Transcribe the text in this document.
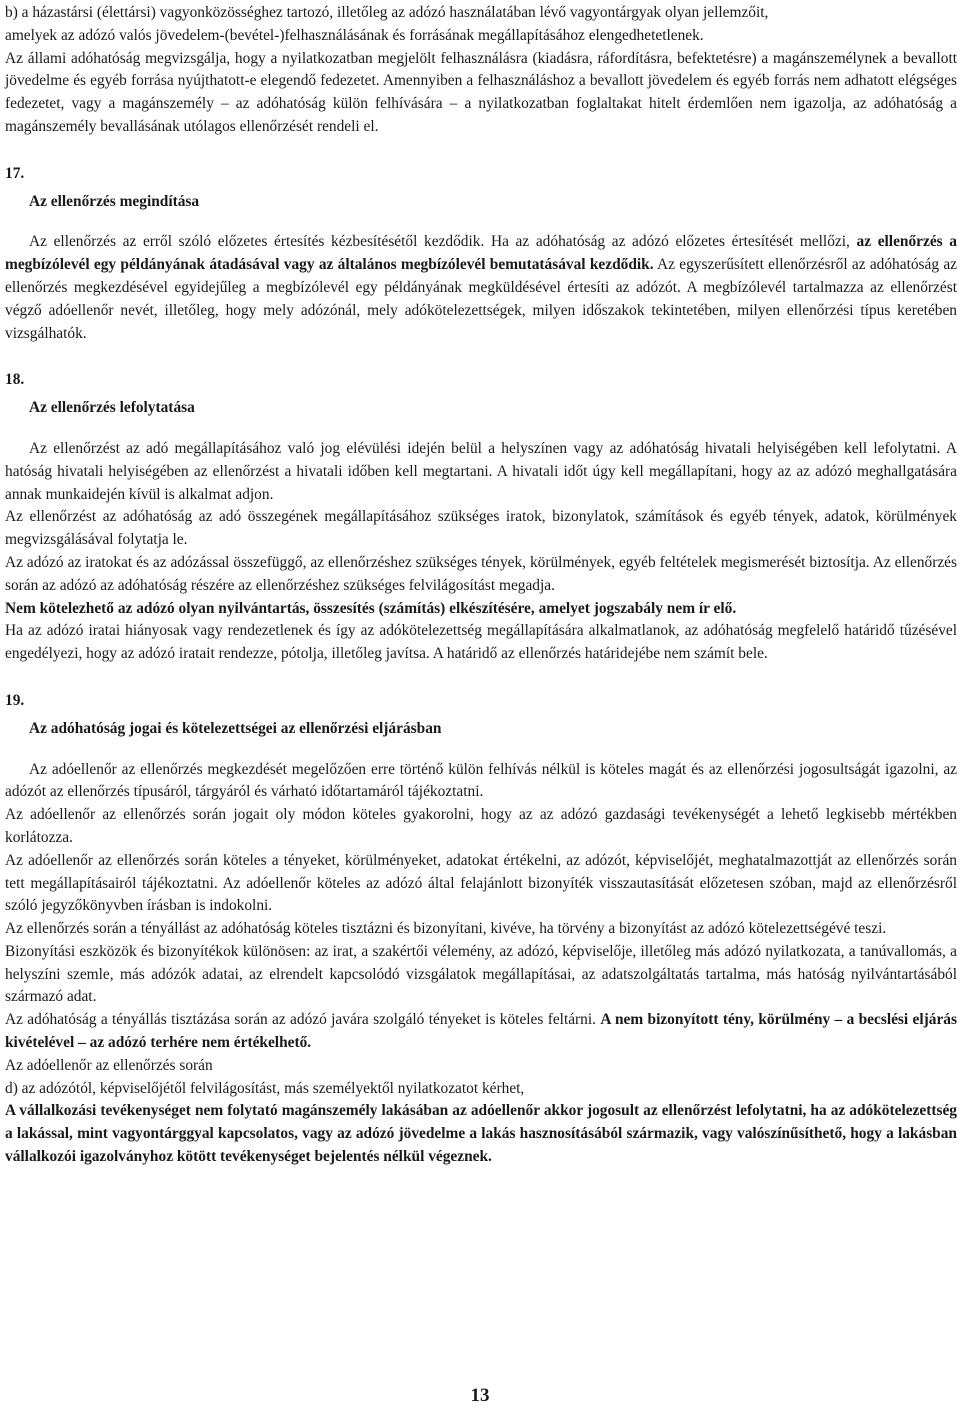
b) a házastársi (élettársi) vagyonközösséghez tartozó, illetőleg az adózó használatában lévő vagyontárgyak olyan jellemzőit,

amelyek az adózó valós jövedelem-(bevétel-)felhasználásának és forrásának megállapításához elengedhetetlenek.

Az állami adóhatóság megvizsgálja, hogy a nyilatkozatban megjelölt felhasználásra (kiadásra, ráfordításra, befektetésre) a magánszemélynek a bevallott jövedelme és egyéb forrása nyújthatott-e elegendő fedezetet. Amennyiben a felhasználáshoz a bevallott jövedelem és egyéb forrás nem adhatott elégséges fedezetet, vagy a magánszemély – az adóhatóság külön felhívására – a nyilatkozatban foglaltakat hitelt érdemlően nem igazolja, az adóhatóság a magánszemély bevallásának utólagos ellenőrzését rendeli el.

17.

Az ellenőrzés megindítása

Az ellenőrzés az erről szóló előzetes értesítés kézbesítésétől kezdődik. Ha az adóhatóság az adózó előzetes értesítését mellőzi, az ellenőrzés a megbízólevél egy példányának átadásával vagy az általános megbízólevél bemutatásával kezdődik. Az egyszerűsített ellenőrzésről az adóhatóság az ellenőrzés megkezdésével egyidejűleg a megbízólevél egy példányának megküldésével értesíti az adózót. A megbízólevél tartalmazza az ellenőrzést végző adóellenőr nevét, illetőleg, hogy mely adózónál, mely adókötelezettségek, milyen időszakok tekintetében, milyen ellenőrzési típus keretében vizsgálhatók.

18.

Az ellenőrzés lefolytatása

Az ellenőrzést az adó megállapításához való jog elévülési idején belül a helyszínen vagy az adóhatóság hivatali helyiségében kell lefolytatni. A hatóság hivatali helyiségében az ellenőrzést a hivatali időben kell megtartani. A hivatali időt úgy kell megállapítani, hogy az az adózó meghallgatására annak munkaidején kívül is alkalmat adjon.

Az ellenőrzést az adóhatóság az adó összegének megállapításához szükséges iratok, bizonylatok, számítások és egyéb tények, adatok, körülmények megvizsgálásával folytatja le.

Az adózó az iratokat és az adózással összefüggő, az ellenőrzéshez szükséges tények, körülmények, egyéb feltételek megismerését biztosítja. Az ellenőrzés során az adózó az adóhatóság részére az ellenőrzéshez szükséges felvilágosítást megadja.

Nem kötelezhető az adózó olyan nyilvántartás, összesítés (számítás) elkészítésére, amelyet jogszabály nem ír elő.

Ha az adózó iratai hiányosak vagy rendezetlenek és így az adókötelezettség megállapítására alkalmatlanok, az adóhatóság megfelelő határidő tűzésével engedélyezi, hogy az adózó iratait rendezze, pótolja, illetőleg javítsa. A határidő az ellenőrzés határidejébe nem számít bele.

19.

Az adóhatóság jogai és kötelezettségei az ellenőrzési eljárásban

Az adóellenőr az ellenőrzés megkezdését megelőzően erre történő külön felhívás nélkül is köteles magát és az ellenőrzési jogosultságát igazolni, az adózót az ellenőrzés típusáról, tárgyáról és várható időtartamáról tájékoztatni.

Az adóellenőr az ellenőrzés során jogait oly módon köteles gyakorolni, hogy az az adózó gazdasági tevékenységét a lehető legkisebb mértékben korlátozza.

Az adóellenőr az ellenőrzés során köteles a tényeket, körülményeket, adatokat értékelni, az adózót, képviselőjét, meghatalmazottját az ellenőrzés során tett megállapításairól tájékoztatni. Az adóellenőr köteles az adózó által felajánlott bizonyíték visszautasítását előzetesen szóban, majd az ellenőrzésről szóló jegyzőkönyvben írásban is indokolni.

Az ellenőrzés során a tényállást az adóhatóság köteles tisztázni és bizonyítani, kivéve, ha törvény a bizonyítást az adózó kötelezettségévé teszi.

Bizonyítási eszközök és bizonyítékok különösen: az irat, a szakértői vélemény, az adózó, képviselője, illetőleg más adózó nyilatkozata, a tanúvallomás, a helyszíni szemle, más adózók adatai, az elrendelt kapcsolódó vizsgálatok megállapításai, az adatszolgáltatás tartalma, más hatóság nyilvántartásából származó adat.

Az adóhatóság a tényállás tisztázása során az adózó javára szolgáló tényeket is köteles feltárni. A nem bizonyított tény, körülmény – a becslési eljárás kivételével – az adózó terhére nem értékelhető.

Az adóellenőr az ellenőrzés során

d) az adózótól, képviselőjétől felvilágosítást, más személyektől nyilatkozatot kérhet,

A vállalkozási tevékenységet nem folytató magánszemély lakásában az adóellenőr akkor jogosult az ellenőrzést lefolytatni, ha az adókötelezettség a lakással, mint vagyontárggyal kapcsolatos, vagy az adózó jövedelme a lakás hasznosításából származik, vagy valószínűsíthető, hogy a lakásban vállalkozói igazolványhoz kötött tevékenységet bejelentés nélkül végeznek.

13
